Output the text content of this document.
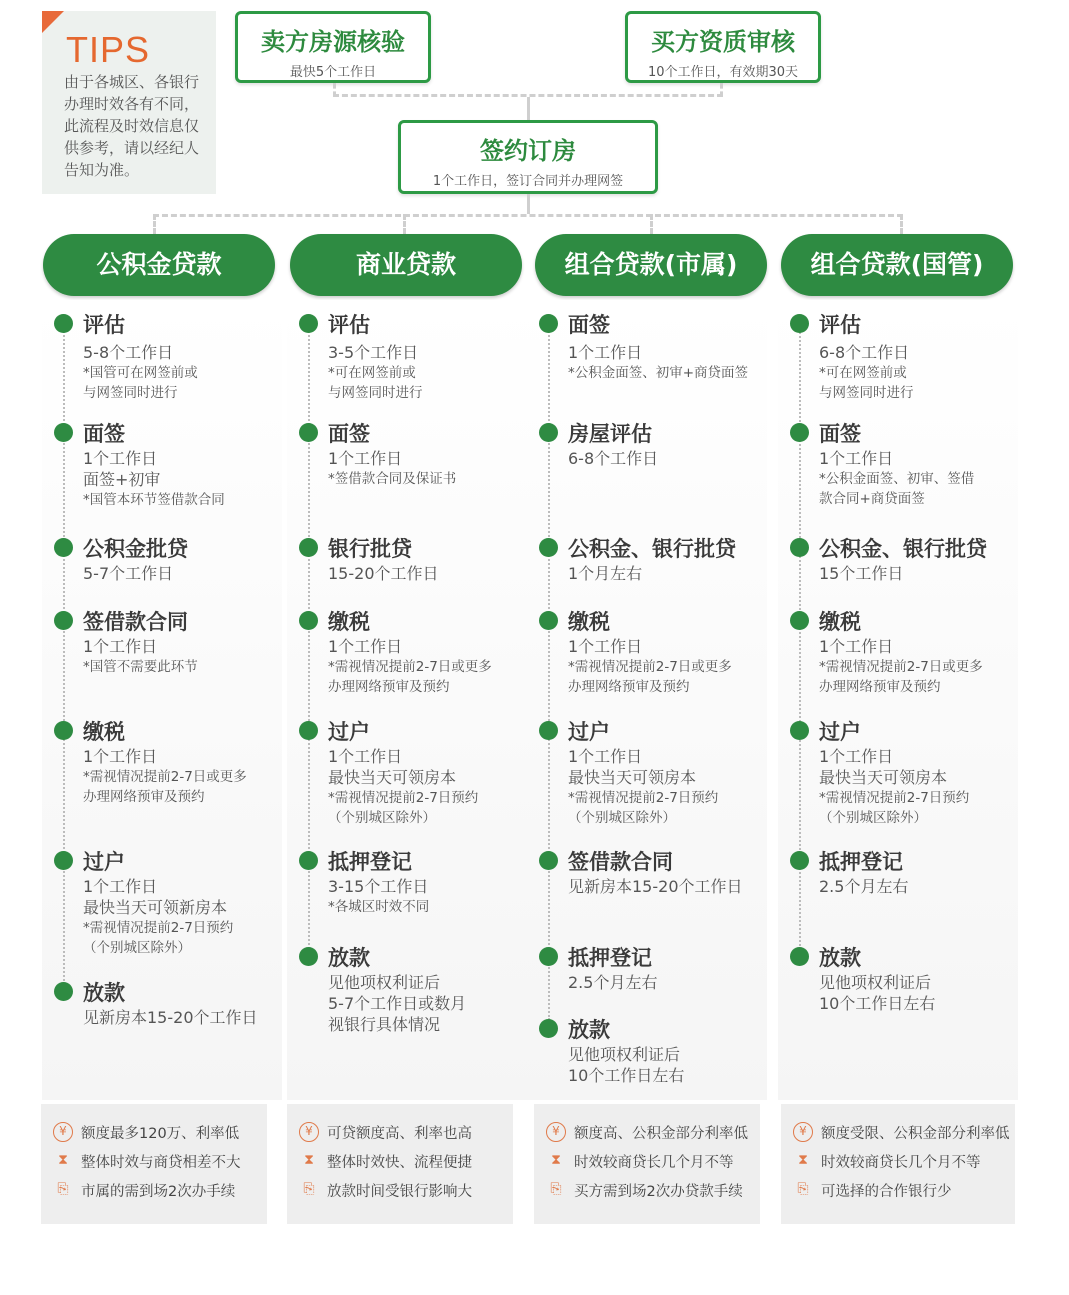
TIPS
由于各城区、各银行办理时效各有不同，此流程及时效信息仅供参考，请以经纪人告知为准。
卖方房源核验
最快5个工作日
买方资质审核
10个工作日，有效期30天
签约订房
1个工作日，签订合同并办理网签
公积金贷款	商业贷款	组合贷款(市属)	组合贷款(国管)
评估
5-8个工作日
*国管可在网签前或
与网签同时进行
面签
1个工作日
面签+初审
*国管本环节签借款合同
公积金批贷
5-7个工作日
签借款合同
1个工作日
*国管不需要此环节
缴税
1个工作日
*需视情况提前2-7日或更多
办理网络预审及预约
过户
1个工作日
最快当天可领新房本
*需视情况提前2-7日预约
（个别城区除外）
放款
见新房本15-20个工作日
评估
3-5个工作日
*可在网签前或
与网签同时进行
面签
1个工作日
*签借款合同及保证书
银行批贷
15-20个工作日
缴税
1个工作日
*需视情况提前2-7日或更多
办理网络预审及预约
过户
1个工作日
最快当天可领房本
*需视情况提前2-7日预约
（个别城区除外）
抵押登记
3-15个工作日
*各城区时效不同
放款
见他项权利证后
5-7个工作日或数月
视银行具体情况
面签
1个工作日
*公积金面签、初审+商贷面签
房屋评估
6-8个工作日
公积金、银行批贷
1个月左右
缴税
1个工作日
*需视情况提前2-7日或更多
办理网络预审及预约
过户
1个工作日
最快当天可领房本
*需视情况提前2-7日预约
（个别城区除外）
签借款合同
见新房本15-20个工作日
抵押登记
2.5个月左右
放款
见他项权利证后
10个工作日左右
评估
6-8个工作日
*可在网签前或
与网签同时进行
面签
1个工作日
*公积金面签、初审、签借
款合同+商贷面签
公积金、银行批贷
15个工作日
缴税
1个工作日
*需视情况提前2-7日或更多
办理网络预审及预约
过户
1个工作日
最快当天可领房本
*需视情况提前2-7日预约
（个别城区除外）
抵押登记
2.5个月左右
放款
见他项权利证后
10个工作日左右
¥ 额度最多120万、利率低
⧗ 整体时效与商贷相差不大
⎘ 市属的需到场2次办手续
¥ 可贷额度高、利率也高
⧗ 整体时效快、流程便捷
⎘ 放款时间受银行影响大
¥ 额度高、公积金部分利率低
⧗ 时效较商贷长几个月不等
⎘ 买方需到场2次办贷款手续
¥ 额度受限、公积金部分利率低
⧗ 时效较商贷长几个月不等
⎘ 可选择的合作银行少
